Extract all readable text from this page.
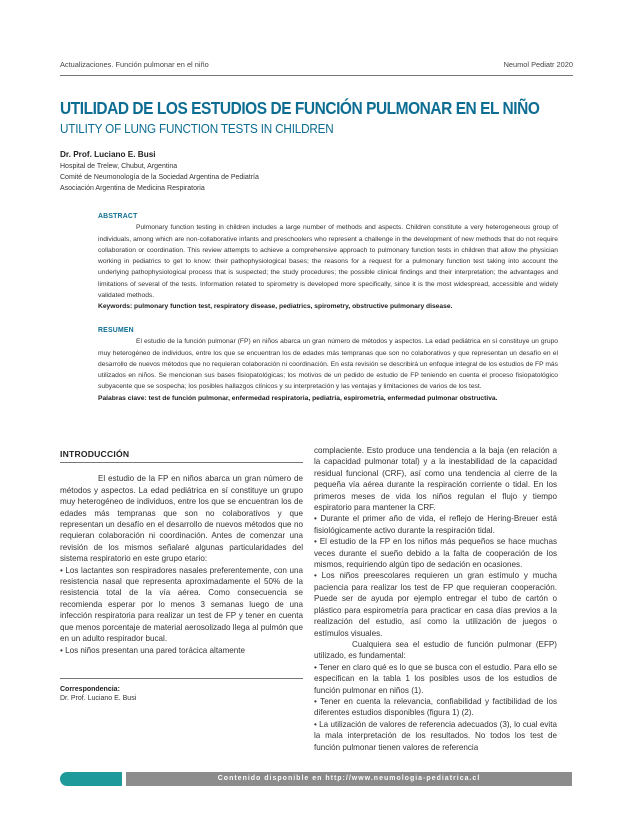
Actualizaciones. Función pulmonar en el niño	Neumol Pediatr 2020
UTILIDAD DE LOS ESTUDIOS DE FUNCIÓN PULMONAR EN EL NIÑO
UTILITY OF LUNG FUNCTION TESTS IN CHILDREN
Dr. Prof. Luciano E. Busi
Hospital de Trelew, Chubut, Argentina
Comité de Neumonología de la Sociedad Argentina de Pediatría
Asociación Argentina de Medicina Respiratoria
ABSTRACT

Pulmonary function testing in children includes a large number of methods and aspects. Children constitute a very heterogeneous group of individuals, among which are non-collaborative infants and preschoolers who represent a challenge in the development of new methods that do not require collaboration or coordination. This review attempts to achieve a comprehensive approach to pulmonary function tests in children that allow the physician working in pediatrics to get to know: their pathophysiological bases; the reasons for a request for a pulmonary function test taking into account the underlying pathophysiological process that is suspected; the study procedures; the possible clinical findings and their interpretation; the advantages and limitations of several of the tests. Information related to spirometry is developed more specifically, since it is the most widespread, accessible and widely validated methods.

Keywords: pulmonary function test, respiratory disease, pediatrics, spirometry, obstructive pulmonary disease.

RESUMEN

El estudio de la función pulmonar (FP) en niños abarca un gran número de métodos y aspectos. La edad pediátrica en sí constituye un grupo muy heterogéneo de individuos, entre los que se encuentran los de edades más tempranas que son no colaborativos y que representan un desafío en el desarrollo de nuevos métodos que no requieran colaboración ni coordinación. En esta revisión se describirá un enfoque integral de los estudios de FP más utilizados en niños. Se mencionan sus bases fisiopatológicas; los motivos de un pedido de estudio de FP teniendo en cuenta el proceso fisiopatológico subyacente que se sospecha; los posibles hallazgos clínicos y su interpretación y las ventajas y limitaciones de varios de los test.

Palabras clave: test de función pulmonar, enfermedad respiratoria, pediatría, espirometría, enfermedad pulmonar obstructiva.

INTRODUCCIÓN

El estudio de la FP en niños abarca un gran número de métodos y aspectos. La edad pediátrica en sí constituye un grupo muy heterogéneo de individuos, entre los que se encuentran los de edades más tempranas que son no colaborativos y que representan un desafío en el desarrollo de nuevos métodos que no requieran colaboración ni coordinación. Antes de comenzar una revisión de los mismos señalaré algunas particularidades del sistema respiratorio en este grupo etario:

• Los lactantes son respiradores nasales preferentemente, con una resistencia nasal que representa aproximadamente el 50% de la resistencia total de la vía aérea. Como consecuencia se recomienda esperar por lo menos 3 semanas luego de una infección respiratoria para realizar un test de FP y tener en cuenta que menos porcentaje de material aerosolizado llega al pulmón que en un adulto respirador bucal.

• Los niños presentan una pared torácica altamente

complaciente. Esto produce una tendencia a la baja (en relación a la capacidad pulmonar total) y a la inestabilidad de la capacidad residual funcional (CRF), así como una tendencia al cierre de la pequeña vía aérea durante la respiración corriente o tidal. En los primeros meses de vida los niños regulan el flujo y tiempo espiratorio para mantener la CRF.

• Durante el primer año de vida, el reflejo de Hering-Breuer está fisiológicamente activo durante la respiración tidal.

• El estudio de la FP en los niños más pequeños se hace muchas veces durante el sueño debido a la falta de cooperación de los mismos, requiriendo algún tipo de sedación en ocasiones.

• Los niños preescolares requieren un gran estímulo y mucha paciencia para realizar los test de FP que requieran cooperación. Puede ser de ayuda por ejemplo entregar el tubo de cartón o plástico para espirometría para practicar en casa días previos a la realización del estudio, así como la utilización de juegos o estímulos visuales.

Cualquiera sea el estudio de función pulmonar (EFP) utilizado, es fundamental:

• Tener en claro qué es lo que se busca con el estudio. Para ello se especifican en la tabla 1 los posibles usos de los estudios de función pulmonar en niños (1).

• Tener en cuenta la relevancia, confiabilidad y factibilidad de los diferentes estudios disponibles (figura 1) (2).

• La utilización de valores de referencia adecuados (3), lo cual evita la mala interpretación de los resultados. No todos los test de función pulmonar tienen valores de referencia

Correspondencia:
Dr. Prof. Luciano E. Busi
Contenido disponible en http://www.neumologia-pediatrica.cl
